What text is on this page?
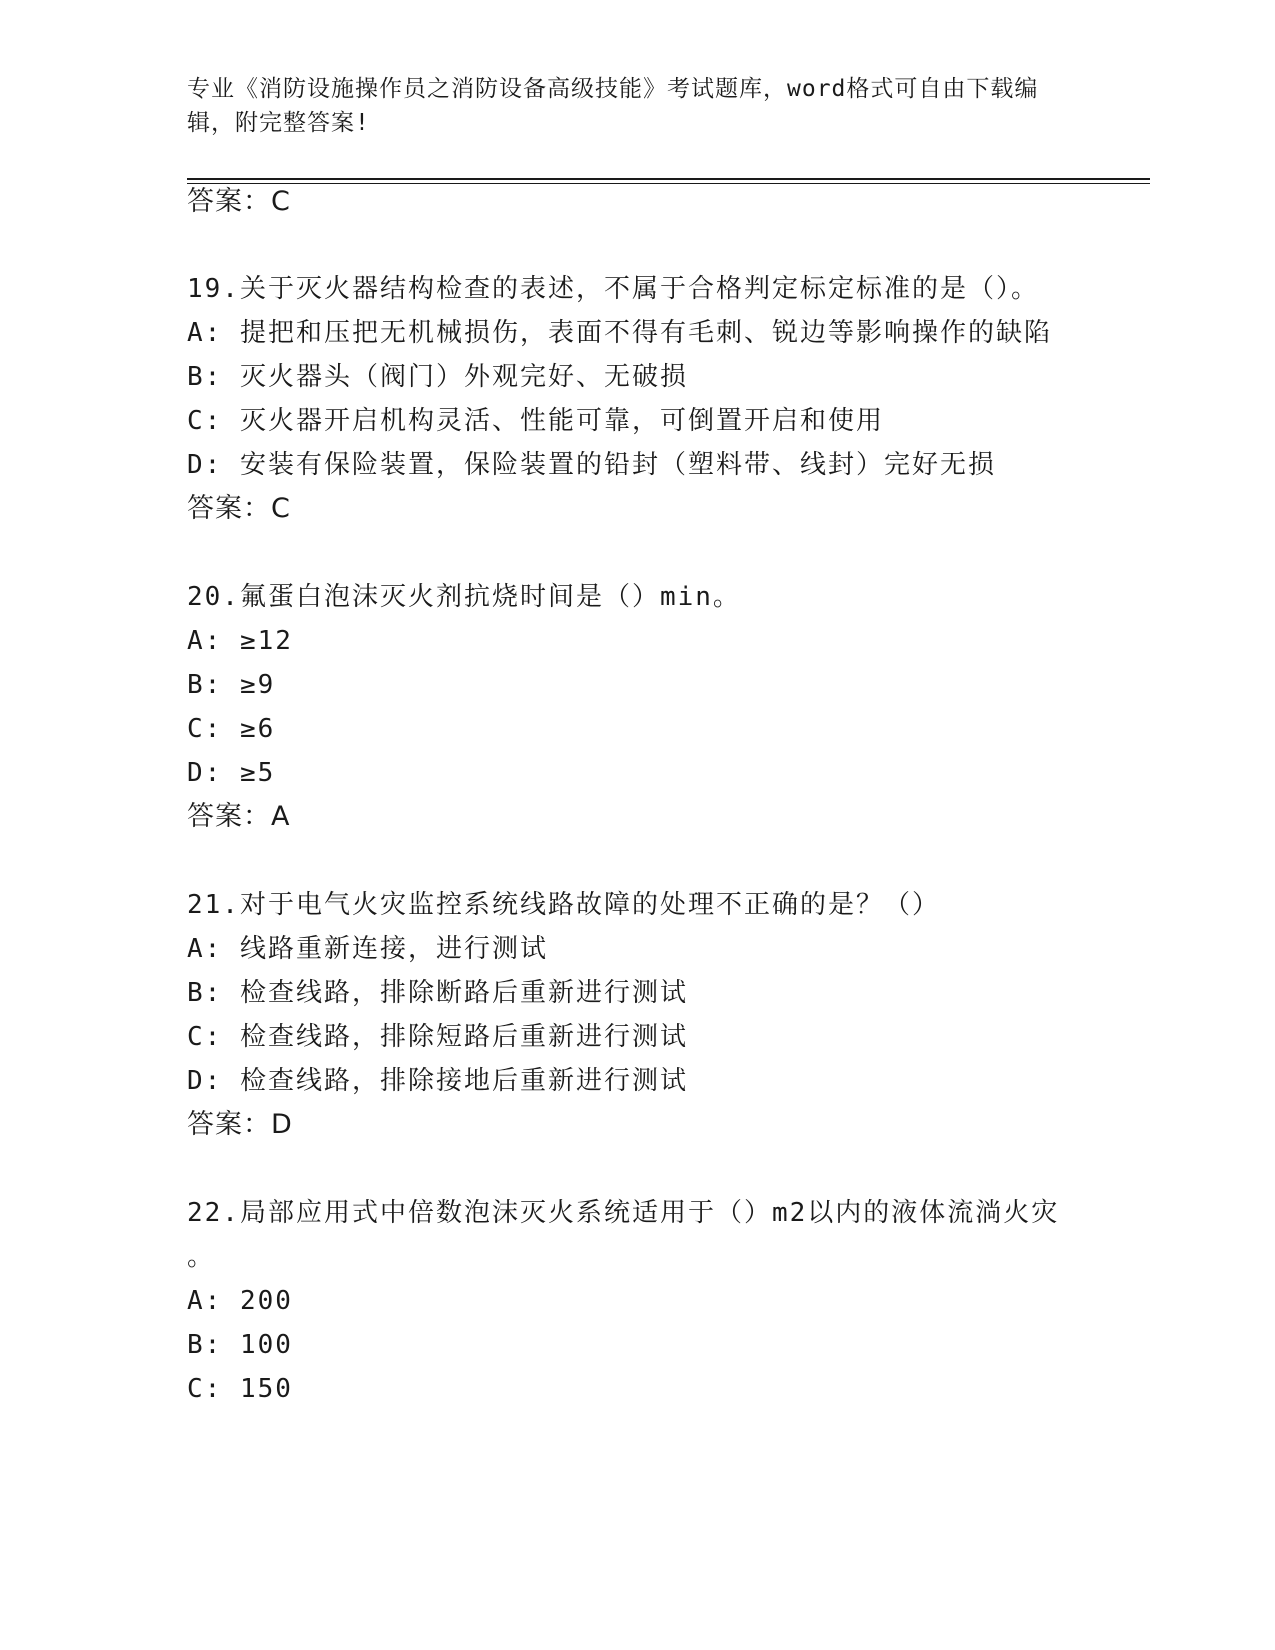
专业《消防设施操作员之消防设备高级技能》考试题库，word格式可自由下载编
辑，附完整答案!
答案：C
19.关于灭火器结构检查的表述，不属于合格判定标定标准的是（）。
A: 提把和压把无机械损伤，表面不得有毛刺、锐边等影响操作的缺陷
B: 灭火器头（阀门）外观完好、无破损
C: 灭火器开启机构灵活、性能可靠，可倒置开启和使用
D: 安装有保险装置，保险装置的铅封（塑料带、线封）完好无损
答案：C
20.氟蛋白泡沫灭火剂抗烧时间是（）min。
A: ≥12
B: ≥9
C: ≥6
D: ≥5
答案：A
21.对于电气火灾监控系统线路故障的处理不正确的是？（）
A: 线路重新连接，进行测试
B: 检查线路，排除断路后重新进行测试
C: 检查线路，排除短路后重新进行测试
D: 检查线路，排除接地后重新进行测试
答案：D
22.局部应用式中倍数泡沫灭火系统适用于（）m2以内的液体流淌火灾
。
A: 200
B: 100
C: 150
